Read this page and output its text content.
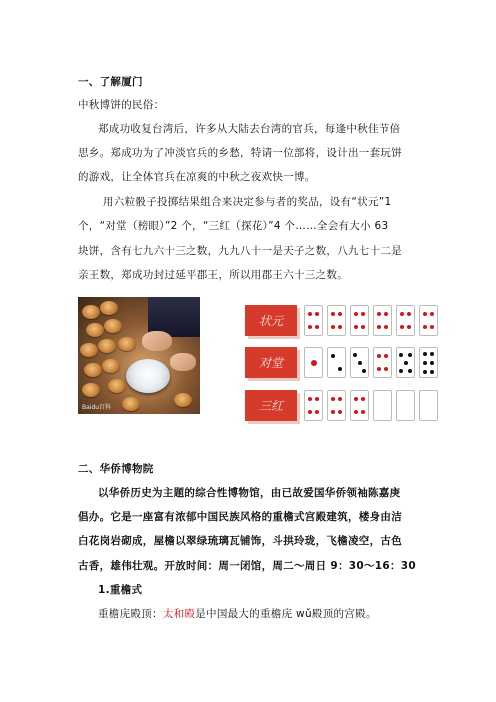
一、了解厦门
中秋博饼的民俗：
郑成功收复台湾后，许多从大陆去台湾的官兵，每逢中秋佳节倍
思乡。郑成功为了冲淡官兵的乡愁，特请一位部将，设计出一套玩饼
的游戏，让全体官兵在凉爽的中秋之夜欢快一博。
用六粒骰子投掷结果组合来决定参与者的奖品，设有“状元”1
个，“对堂（榜眼）”2 个，“三红（探花）”4 个……全会有大小 63
块饼，含有七九六十三之数，九九八十一是天子之数，八九七十二是
亲王数，郑成功封过延平郡王，所以用郡王六十三之数。
Baidu百科
状元
对堂
三红
二、华侨博物院
以华侨历史为主题的综合性博物馆，由已故爱国华侨领袖陈嘉庚
倡办。它是一座富有浓郁中国民族风格的重檐式宫殿建筑，楼身由洁
白花岗岩砌成，屋檐以翠绿琉璃瓦铺饰，斗拱玲珑，飞檐凌空，古色
古香，雄伟壮观。开放时间：周一闭馆，周二～周日 9：30～16：30
1.重檐式
重檐庑殿顶：太和殿是中国最大的重檐庑 wǔ殿顶的宫殿。
